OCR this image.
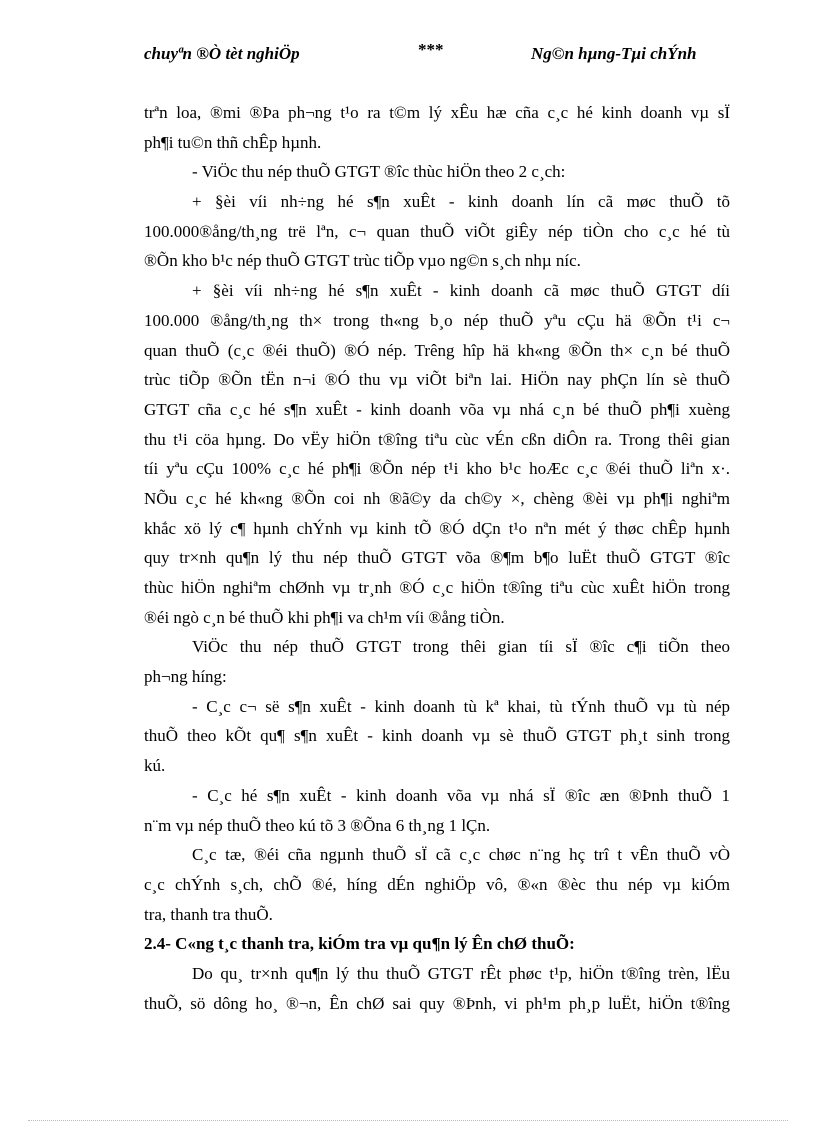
chuyªn ®Ò tèt nghiÖp	***	Ng©n hµng-Tµi chÝnh
trªn loa, ®mi ®Þa ph¬ng t¹o ra t©m lý xÊu hæ cña c¸c hé kinh doanh vµ sÏ
ph¶i tu©n thñ chÊp hµnh.
- ViÖc thu nép thuÕ GTGT ®îc thùc hiÖn theo 2 c¸ch:
+ §èi víi nh÷ng hé s¶n xuÊt - kinh doanh lín cã møc thuÕ tõ
100.000®ång/th¸ng trë lªn, c¬ quan thuÕ viÕt giÊy nép tiÒn cho c¸c hé tù
®Õn kho b¹c nép thuÕ GTGT trùc tiÕp vµo ng©n s¸ch nhµ níc.
+ §èi víi nh÷ng hé s¶n xuÊt - kinh doanh cã møc thuÕ GTGT díi
100.000 ®ång/th¸ng th× trong th«ng b¸o nép thuÕ yªu cÇu hä ®Õn t¹i c¬
quan thuÕ (c¸c ®éi thuÕ) ®Ó nép. Trêng hîp hä kh«ng ®Õn th× c¸n bé thuÕ
trùc tiÕp ®Õn tËn n¬i ®Ó thu vµ viÕt biªn lai. HiÖn nay phÇn lín sè thuÕ
GTGT cña c¸c hé s¶n xuÊt - kinh doanh võa vµ nhá c¸n bé thuÕ ph¶i xuèng
thu t¹i cöa hµng. Do vËy hiÖn t®îng tiªu cùc vÉn cßn diÔn ra. Trong thêi gian
tíi yªu cÇu 100% c¸c hé ph¶i ®Õn nép t¹i kho b¹c hoÆc c¸c ®éi thuÕ liªn x·.
NÕu c¸c hé kh«ng ®Õn coi nh ®ã©y da ch©y ×, chèng ®èi vµ ph¶i nghiªm
khắc xö lý c¶ hµnh chÝnh vµ kinh tÕ ®Ó dÇn t¹o nªn mét ý thøc chÊp hµnh
quy tr×nh qu¶n lý thu nép thuÕ GTGT võa ®¶m b¶o luËt thuÕ GTGT ®îc
thùc hiÖn nghiªm chØnh vµ tr¸nh ®Ó c¸c hiÖn t®îng tiªu cùc xuÊt hiÖn trong
®éi ngò c¸n bé thuÕ khi ph¶i va ch¹m víi ®ång tiÒn.
ViÖc thu nép thuÕ GTGT trong thêi gian tíi sÏ ®îc c¶i tiÕn theo
ph¬ng híng:
- C¸c c¬ së s¶n xuÊt - kinh doanh tù kª khai, tù tÝnh thuÕ vµ tù nép
thuÕ theo kÕt qu¶ s¶n xuÊt - kinh doanh vµ sè thuÕ GTGT ph¸t sinh trong
kú.
- C¸c hé s¶n xuÊt - kinh doanh võa vµ nhá sÏ ®îc æn ®Þnh thuÕ 1
n¨m vµ nép thuÕ theo kú tõ 3 ®Õna 6 th¸ng 1 lÇn.
C¸c tæ, ®éi cña ngµnh thuÕ sÏ cã c¸c chøc n¨ng hç trî t vÊn thuÕ vÒ
c¸c chÝnh s¸ch, chÕ ®é, híng dÉn nghiÖp vô, ®«n ®èc thu nép vµ kiÓm
tra, thanh tra thuÕ.
2.4- C«ng t¸c thanh tra, kiÓm tra vµ qu¶n lý Ên chØ thuÕ:
Do qu¸ tr×nh qu¶n lý thu thuÕ GTGT rÊt phøc t¹p, hiÖn t®îng trèn, lËu
thuÕ, sö dông ho¸ ®¬n, Ên chØ sai quy ®Þnh, vi ph¹m ph¸p luËt, hiÖn t®îng
